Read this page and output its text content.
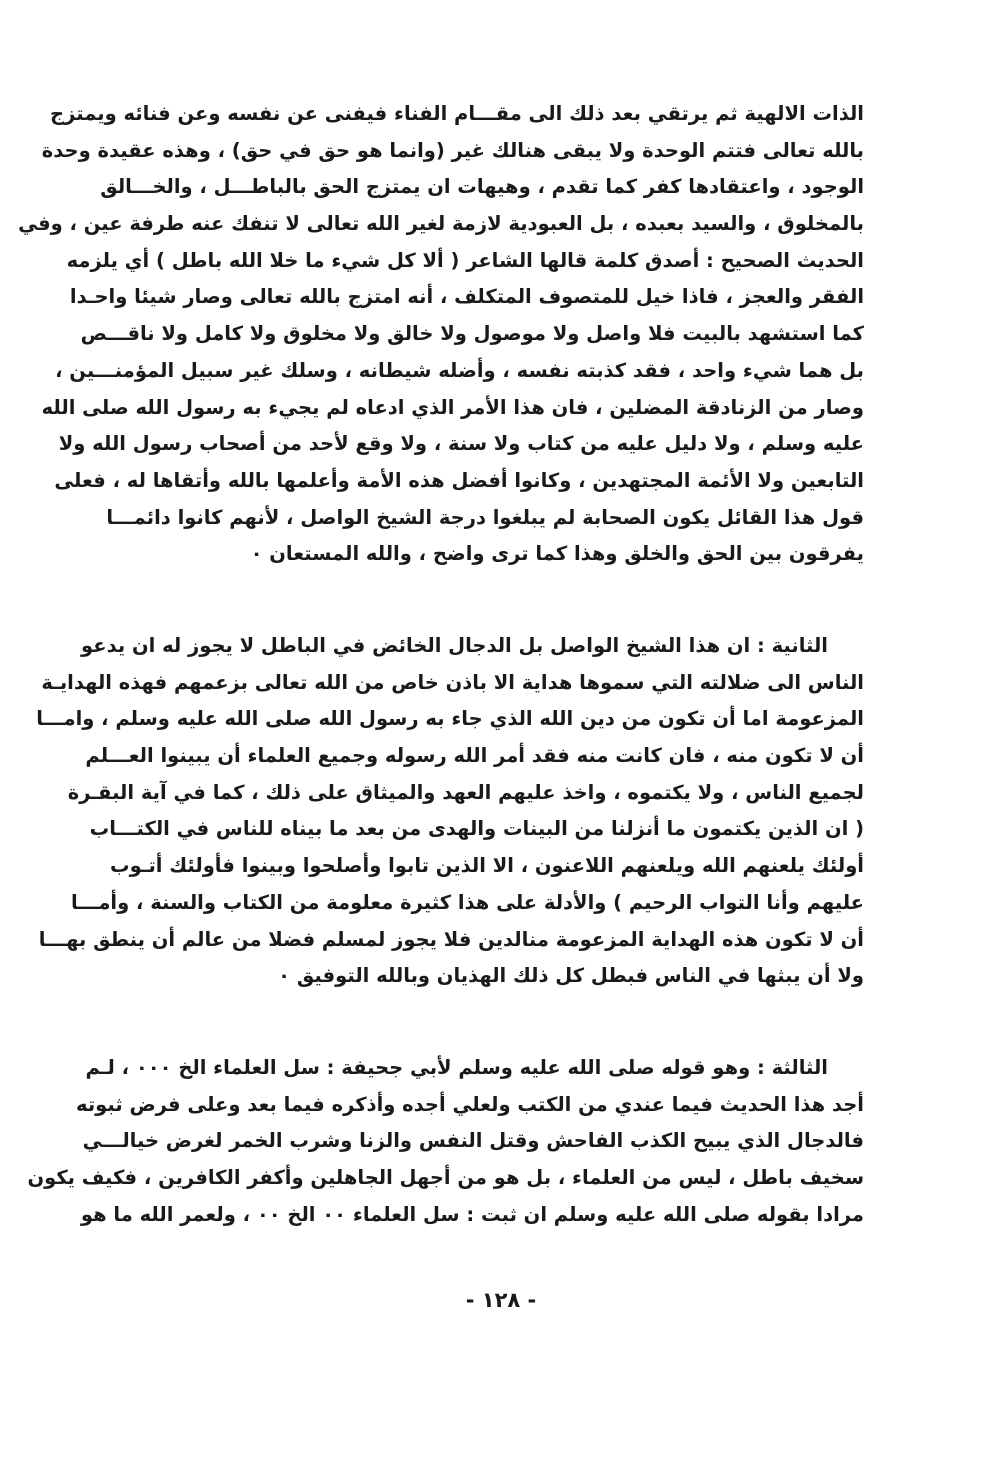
الذات الالهية ثم يرتقي بعد ذلك الى مقـــام الفناء فيفنى عن نفسه وعن فنائه ويمتزج
بالله تعالى فتتم الوحدة ولا يبقى هنالك غير (وانما هو حق في حق) ، وهذه عقيدة وحدة
الوجود ، واعتقادها كفر كما تقدم ، وهيهات ان يمتزج الحق بالباطـــل ، والخـــالق
بالمخلوق ، والسيد بعبده ، بل العبودية لازمة لغير الله تعالى لا تنفك عنه طرفة عين ، وفي
الحديث الصحيح : أصدق كلمة قالها الشاعر ( ألا كل شيء ما خلا الله باطل ) أي يلزمه
الفقر والعجز ، فاذا خيل للمتصوف المتكلف ، أنه امتزج بالله تعالى وصار شيئا واحـدا
كما استشهد بالبيت فلا واصل ولا موصول ولا خالق ولا مخلوق ولا كامل ولا ناقـــص
بل هما شيء واحد ، فقد كذبته نفسه ، وأضله شيطانه ، وسلك غير سبيل المؤمنـــين ،
وصار من الزنادقة المضلين ، فان هذا الأمر الذي ادعاه لم يجيء به رسول الله صلى الله
عليه وسلم ، ولا دليل عليه من كتاب ولا سنة ، ولا وقع لأحد من أصحاب رسول الله ولا
التابعين ولا الأئمة المجتهدين ، وكانوا أفضل هذه الأمة وأعلمها بالله وأتقاها له ، فعلى
قول هذا القائل يكون الصحابة لم يبلغوا درجة الشيخ الواصل ، لأنهم كانوا دائمـــا
يفرقون بين الحق والخلق وهذا كما ترى واضح ، والله المستعان ٠
الثانية : ان هذا الشيخ الواصل بل الدجال الخائض في الباطل لا يجوز له ان يدعو
الناس الى ضلالته التي سموها هداية الا باذن خاص من الله تعالى بزعمهم فهذه الهدايـة
المزعومة اما أن تكون من دين الله الذي جاء به رسول الله صلى الله عليه وسلم ، وامـــا
أن لا تكون منه ، فان كانت منه فقد أمر الله رسوله وجميع العلماء أن يبينوا العـــلم
لجميع الناس ، ولا يكتموه ، واخذ عليهم العهد والميثاق على ذلك ، كما في آية البقـرة
( ان الذين يكتمون ما أنزلنا من البينات والهدى من بعد ما بيناه للناس في الكتـــاب
أولئك يلعنهم الله ويلعنهم اللاعنون ، الا الذين تابوا وأصلحوا وبينوا فأولئك أتـوب
عليهم وأنا التواب الرحيم ) والأدلة على هذا كثيرة معلومة من الكتاب والسنة ، وأمـــا
أن لا تكون هذه الهداية المزعومة منالدين فلا يجوز لمسلم فضلا من عالم أن ينطق بهـــا
ولا أن يبثها في الناس فبطل كل ذلك الهذيان وبالله التوفيق ٠
الثالثة : وهو قوله صلى الله عليه وسلم لأبي جحيفة : سل العلماء الخ ٠٠٠ ، لـم
أجد هذا الحديث فيما عندي من الكتب ولعلي أجده وأذكره فيما بعد وعلى فرض ثبوته
فالدجال الذي يبيح الكذب الفاحش وقتل النفس والزنا وشرب الخمر لغرض خيالـــي
سخيف باطل ، ليس من العلماء ، بل هو من أجهل الجاهلين وأكفر الكافرين ، فكيف يكون
مرادا بقوله صلى الله عليه وسلم ان ثبت : سل العلماء ٠٠ الخ ٠٠ ، ولعمر الله ما هو
- ١٢٨ -
